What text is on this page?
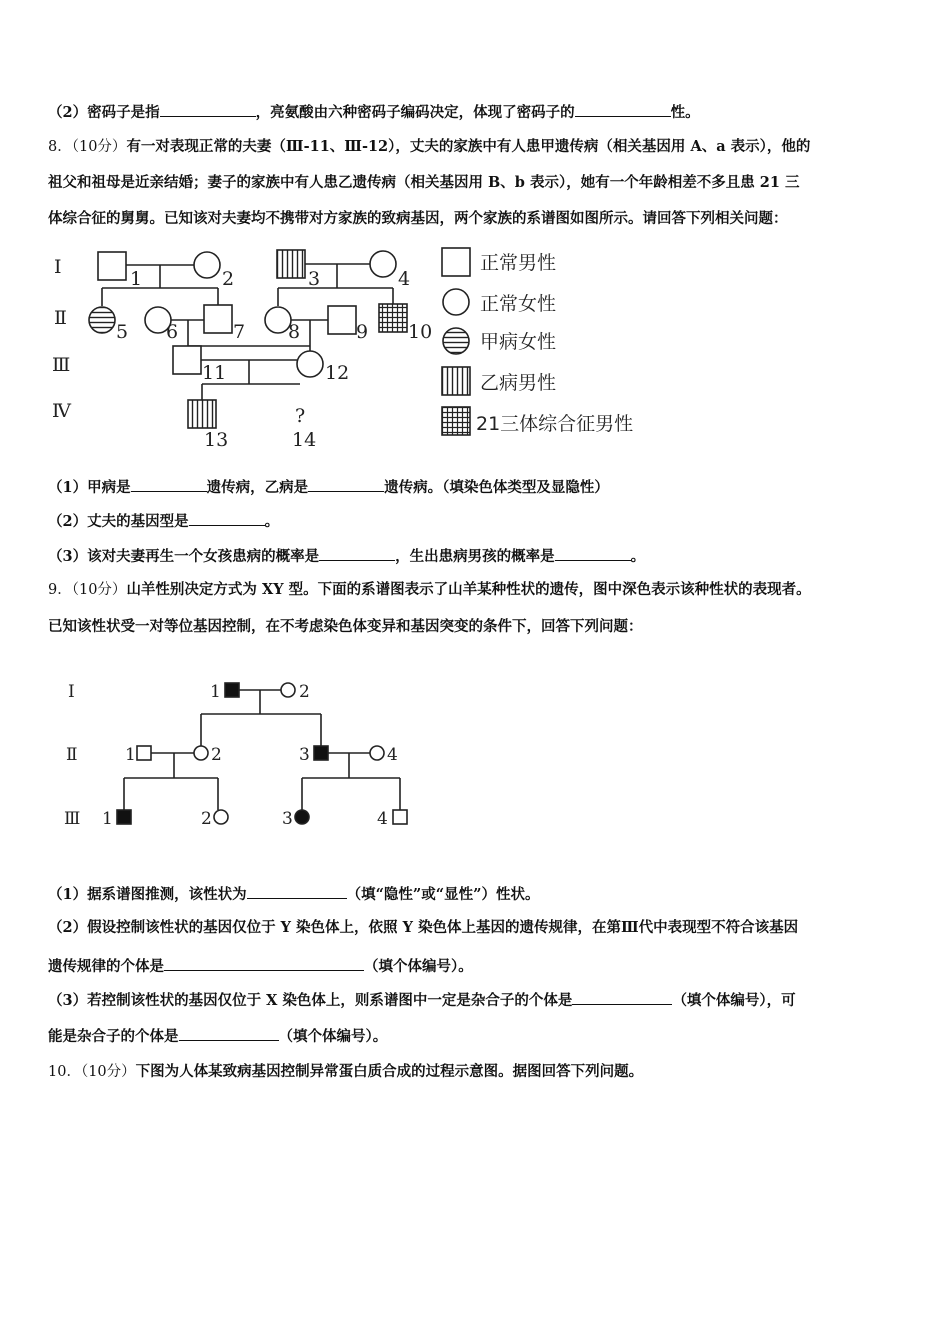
（2）密码子是指	，亮氨酸由六种密码子编码决定，体现了密码子的	性。
8．（10分）有一对表现正常的夫妻（Ⅲ-11、Ⅲ-12），丈夫的家族中有人患甲遗传病（相关基因用 A、a 表示），他的
祖父和祖母是近亲结婚；妻子的家族中有人患乙遗传病（相关基因用 B、b 表示），她有一个年龄相差不多且患 21 三
体综合征的舅舅。已知该对夫妻均不携带对方家族的致病基因，两个家族的系谱图如图所示。请回答下列相关问题：
Ⅰ
Ⅱ
Ⅲ
Ⅳ
1	2	3	4
5 6	7 8	9 10
11	12
13
?
14
正常男性
正常女性
甲病女性
乙病男性
21三体综合征男性
（1）甲病是	遗传病，乙病是	遗传病。（填染色体类型及显隐性）
（2）丈夫的基因型是	。
（3）该对夫妻再生一个女孩患病的概率是	，生出患病男孩的概率是	。
9．（10分）山羊性别决定方式为 XY 型。下面的系谱图表示了山羊某种性状的遗传，图中深色表示该种性状的表现者。
已知该性状受一对等位基因控制，在不考虑染色体变异和基因突变的条件下，回答下列问题：
Ⅰ
Ⅱ
Ⅲ
1	2
1	2	3	4
1	2	3	4
（1）据系谱图推测，该性状为	（填“隐性”或“显性”）性状。
（2）假设控制该性状的基因仅位于 Y 染色体上，依照 Y 染色体上基因的遗传规律，在第Ⅲ代中表现型不符合该基因
遗传规律的个体是	（填个体编号）。
（3）若控制该性状的基因仅位于 X 染色体上，则系谱图中一定是杂合子的个体是	（填个体编号），可
能是杂合子的个体是	（填个体编号）。
10．（10分）下图为人体某致病基因控制异常蛋白质合成的过程示意图。据图回答下列问题。
